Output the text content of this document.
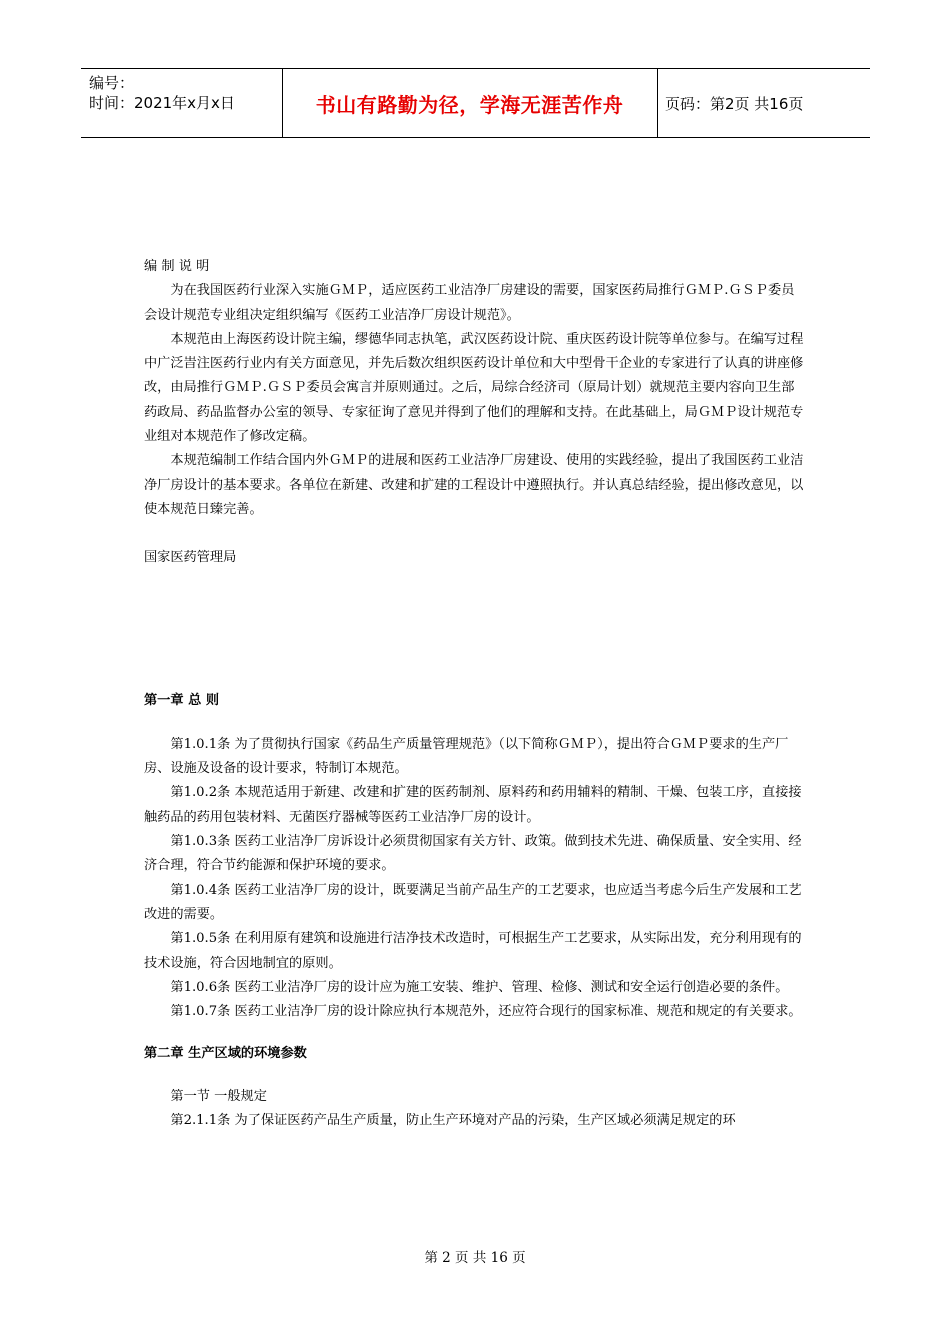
编号：
时间：2021年x月x日	书山有路勤为径，学海无涯苦作舟	页码：第2页 共16页

编 制 说 明

为在我国医药行业深入实施ＧＭＰ，适应医药工业洁净厂房建设的需要，国家医药局推行ＧＭＰ.ＧＳＰ委员会设计规范专业组决定组织编写《医药工业洁净厂房设计规范》。

本规范由上海医药设计院主编，缪德华同志执笔，武汉医药设计院、重庆医药设计院等单位参与。在编写过程中广泛旹注医药行业内有关方面意见，并先后数次组织医药设计单位和大中型骨干企业的专家进行了认真的讲座修改，由局推行ＧＭＰ.ＧＳＰ委员会寓言并原则通过。之后，局综合经济司（原局计划）就规范主要内容向卫生部药政局、药品监督办公室的领导、专家征询了意见并得到了他们的理解和支持。在此基础上，局ＧＭＰ设计规范专业组对本规范作了修改定稿。

本规范编制工作结合国内外ＧＭＰ的进展和医药工业洁净厂房建设、使用的实践经验，提出了我国医药工业洁净厂房设计的基本要求。各单位在新建、改建和扩建的工程设计中遵照执行。并认真总结经验，提出修改意见，以使本规范日臻完善。

国家医药管理局

第一章 总 则

第1.0.1条 为了贯彻执行国家《药品生产质量管理规范》（以下简称ＧＭＰ），提出符合ＧＭＰ要求的生产厂房、设施及设备的设计要求，特制订本规范。

第1.0.2条 本规范适用于新建、改建和扩建的医药制剂、原料药和药用辅料的精制、干燥、包装工序，直接接触药品的药用包装材料、无菌医疗器械等医药工业洁净厂房的设计。

第1.0.3条 医药工业洁净厂房诉设计必须贯彻国家有关方针、政策。做到技术先进、确保质量、安全实用、经济合理，符合节约能源和保护环境的要求。

第1.0.4条 医药工业洁净厂房的设计，既要满足当前产品生产的工艺要求，也应适当考虑今后生产发展和工艺改进的需要。

第1.0.5条 在利用原有建筑和设施进行洁净技术改造时，可根据生产工艺要求，从实际出发，充分利用现有的技术设施，符合因地制宜的原则。

第1.0.6条 医药工业洁净厂房的设计应为施工安装、维护、管理、检修、测试和安全运行创造必要的条件。

第1.0.7条 医药工业洁净厂房的设计除应执行本规范外，还应符合现行的国家标准、规范和规定的有关要求。

第二章 生产区域的环境参数

第一节 一般规定

第2.1.1条 为了保证医药产品生产质量，防止生产环境对产品的污染，生产区域必须满足规定的环

第 2 页 共 16 页
